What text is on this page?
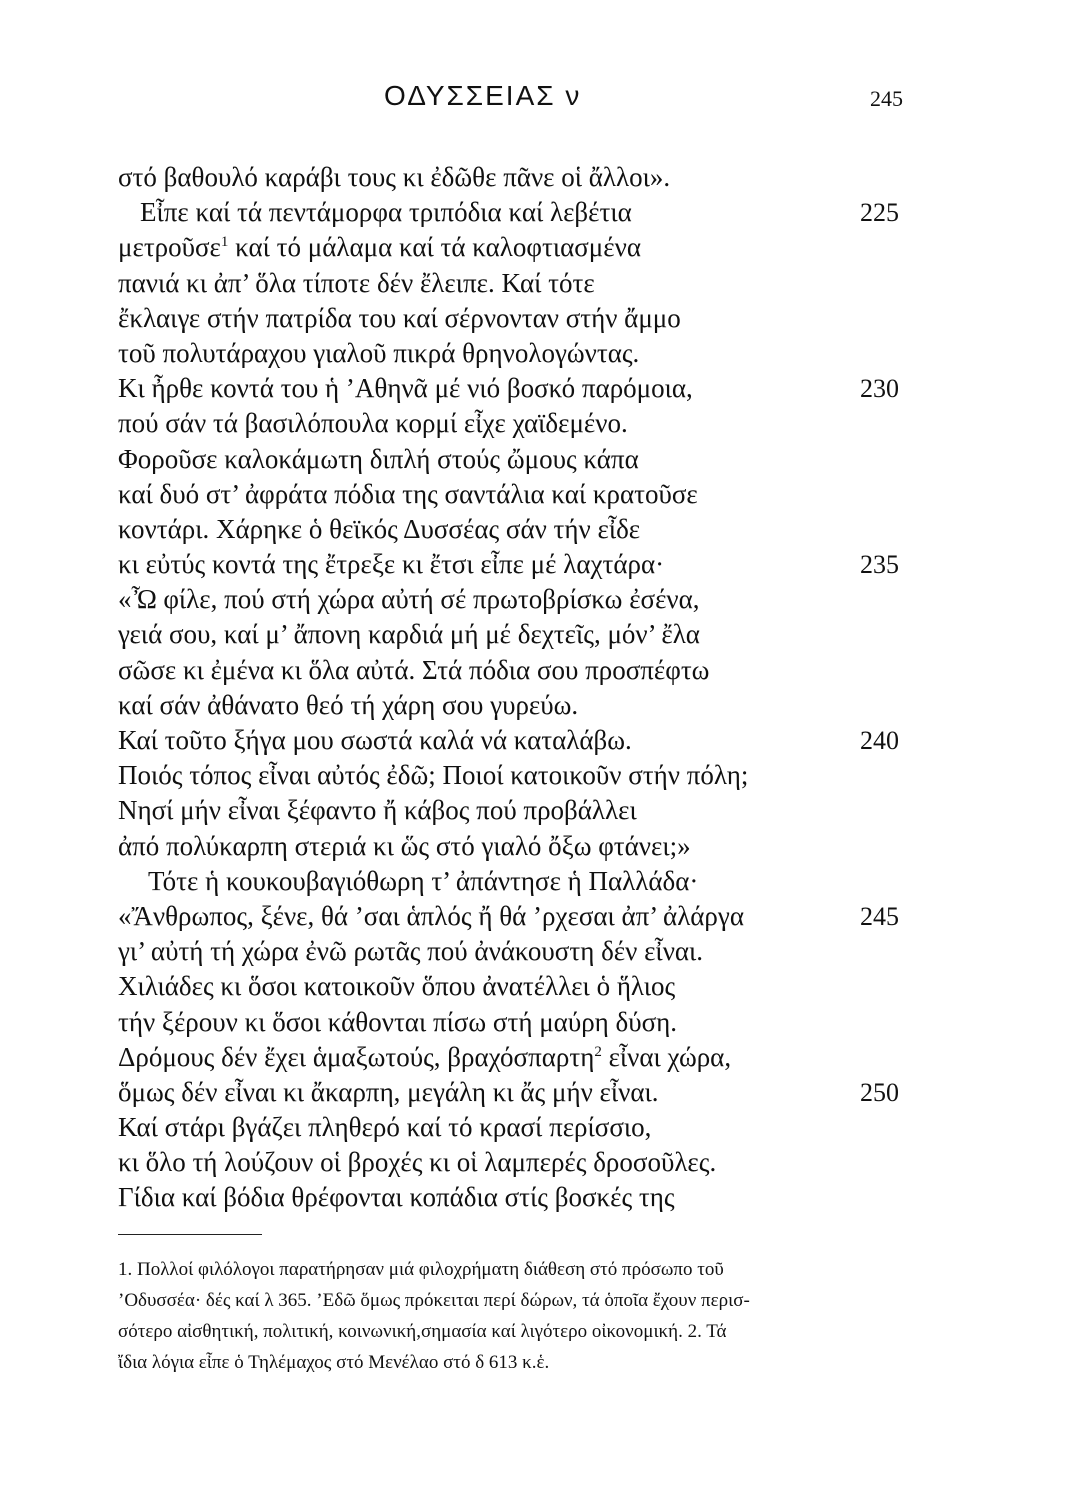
ΟΔΥΣΣΕΙΑΣ ν	245
στό βαθουλό καράβι τους κι ἐδῶθε πᾶνε οἱ ἄλλοι».
Εἶπε καί τά πεντάμορφα τριπόδια καί λεβέτια	225
μετροῦσε$^1$ καί τό μάλαμα καί τά καλοφτιασμένα
πανιά κι ἀπ’ ὅλα τίποτε δέν ἔλειπε. Καί τότε
ἔκλαιγε στήν πατρίδα του καί σέρνονταν στήν ἄμμο
τοῦ πολυτάραχου γιαλοῦ πικρά θρηνολογώντας.
Κι ἦρθε κοντά του ἡ ’Αθηνᾶ μέ νιό βοσκό παρόμοια,	230
πού σάν τά βασιλόπουλα κορμί εἶχε χαϊδεμένο.
Φοροῦσε καλοκάμωτη διπλή στούς ὤμους κάπα
καί δυό στ’ ἀφράτα πόδια της σαντάλια καί κρατοῦσε
κοντάρι. Χάρηκε ὁ θεϊκός Δυσσέας σάν τήν εἶδε
κι εὐτύς κοντά της ἔτρεξε κι ἔτσι εἶπε μέ λαχτάρα·	235
«Ὦ φίλε, πού στή χώρα αὐτή σέ πρωτοβρίσκω ἐσένα,
γειά σου, καί μ’ ἄπονη καρδιά μή μέ δεχτεῖς, μόν’ ἔλα
σῶσε κι ἐμένα κι ὅλα αὐτά. Στά πόδια σου προσπέφτω
καί σάν ἀθάνατο θεό τή χάρη σου γυρεύω.
Καί τοῦτο ξήγα μου σωστά καλά νά καταλάβω.	240
Ποιός τόπος εἶναι αὐτός ἐδῶ; Ποιοί κατοικοῦν στήν πόλη;
Νησί μήν εἶναι ξέφαντο ἤ κάβος πού προβάλλει
ἀπό πολύκαρπη στεριά κι ὥς στό γιαλό ὄξω φτάνει;»
Τότε ἡ κουκουβαγιόθωρη τ’ ἀπάντησε ἡ Παλλάδα·
«Ἄνθρωπος, ξένε, θά ’σαι ἁπλός ἤ θά ’ρχεσαι ἀπ’ ἀλάργα	245
γι’ αὐτή τή χώρα ἐνῶ ρωτᾶς πού ἀνάκουστη δέν εἶναι.
Χιλιάδες κι ὅσοι κατοικοῦν ὅπου ἀνατέλλει ὁ ἥλιος
τήν ξέρουν κι ὅσοι κάθονται πίσω στή μαύρη δύση.
Δρόμους δέν ἔχει ἁμαξωτούς, βραχόσπαρτη$^2$ εἶναι χώρα,
ὅμως δέν εἶναι κι ἄκαρπη, μεγάλη κι ἄς μήν εἶναι.	250
Καί στάρι βγάζει πληθερό καί τό κρασί περίσσιο,
κι ὅλο τή λούζουν οἱ βροχές κι οἱ λαμπερές δροσοῦλες.
Γίδια καί βόδια θρέφονται κοπάδια στίς βοσκές της
1. Πολλοί φιλόλογοι παρατήρησαν μιά φιλοχρήματη διάθεση στό πρόσωπο τοῦ
’Οδυσσέα· δές καί λ 365. ’Εδῶ ὅμως πρόκειται περί δώρων, τά ὁποῖα ἔχουν περισ-
σότερο αἰσθητική, πολιτική, κοινωνική,σημασία καί λιγότερο οἰκονομική. 2. Τά
ἴδια λόγια εἶπε ὁ Τηλέμαχος στό Μενέλαο στό δ 613 κ.ἑ.
